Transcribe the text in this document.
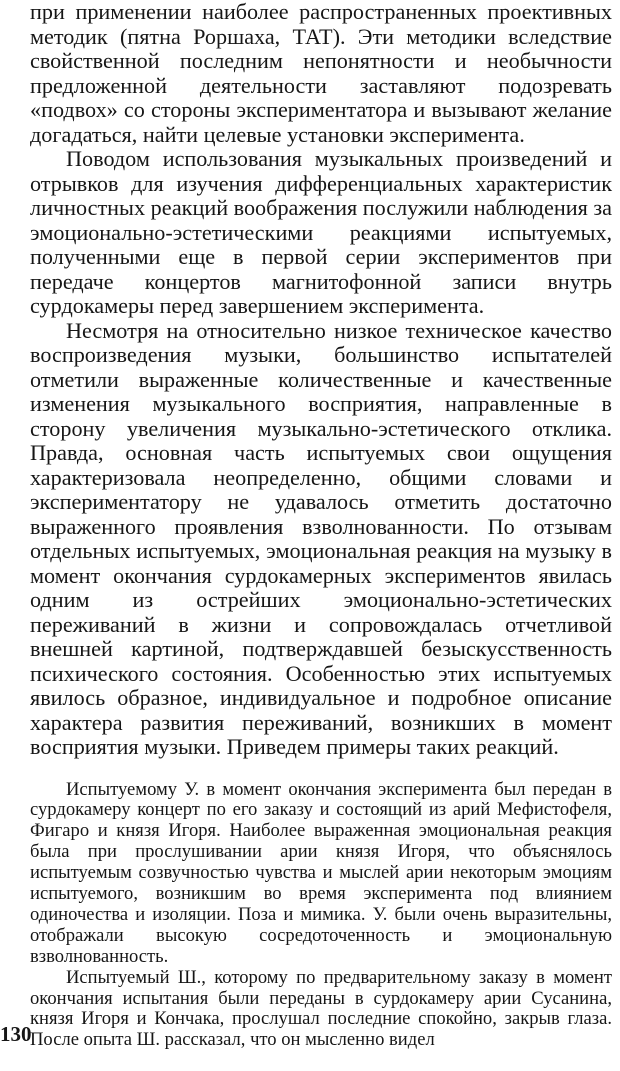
при применении наиболее распространенных проективных методик (пятна Роршаха, ТАТ). Эти методики вследствие свойственной последним непонятности и необычности предложенной деятельности заставляют подозревать «подвох» со стороны экспериментатора и вызывают желание догадаться, найти целевые установки эксперимента.

Поводом использования музыкальных произведений и отрывков для изучения дифференциальных характеристик личностных реакций воображения послужили наблюдения за эмоционально-эстетическими реакциями испытуемых, полученными еще в первой серии экспериментов при передаче концертов магнитофонной записи внутрь сурдокамеры перед завершением эксперимента.

Несмотря на относительно низкое техническое качество воспроизведения музыки, большинство испытателей отметили выраженные количественные и качественные изменения музыкального восприятия, направленные в сторону увеличения музыкально-эстетического отклика. Правда, основная часть испытуемых свои ощущения характеризовала неопределенно, общими словами и экспериментатору не удавалось отметить достаточно выраженного проявления взволнованности. По отзывам отдельных испытуемых, эмоциональная реакция на музыку в момент окончания сурдокамерных экспериментов явилась одним из острейших эмоционально-эстетических переживаний в жизни и сопровождалась отчетливой внешней картиной, подтверждавшей безыскусственность психического состояния. Особенностью этих испытуемых явилось образное, индивидуальное и подробное описание характера развития переживаний, возникших в момент восприятия музыки. Приведем примеры таких реакций.

Испытуемому У. в момент окончания эксперимента был передан в сурдокамеру концерт по его заказу и состоящий из арий Мефистофеля, Фигаро и князя Игоря. Наиболее выраженная эмоциональная реакция была при прослушивании арии князя Игоря, что объяснялось испытуемым созвучностью чувства и мыслей арии некоторым эмоциям испытуемого, возникшим во время эксперимента под влиянием одиночества и изоляции. Поза и мимика. У. были очень выразительны, отображали высокую сосредоточенность и эмоциональную взволнованность.

Испытуемый Ш., которому по предварительному заказу в момент окончания испытания были переданы в сурдокамеру арии Сусанина, князя Игоря и Кончака, прослушал последние спокойно, закрыв глаза. После опыта Ш. рассказал, что он мысленно видел

130
